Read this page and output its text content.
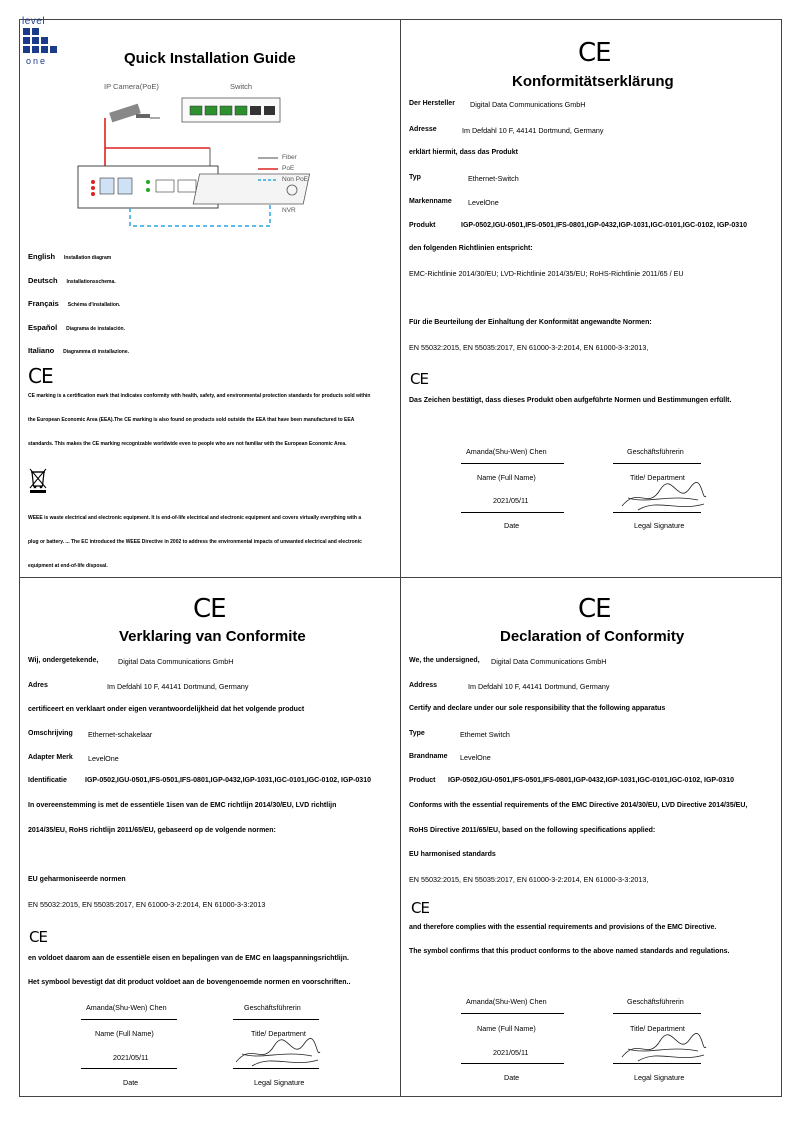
level
one	Quick Installation Guide
IP Camera(PoE)	Switch
Fiber
PoE
Non PoE
NVR
English Installation diagram
Deutsch Installationsschema.
Français Schéma d'installation.
Español Diagrama de instalación.
Italiano Diagramma di installazione.
CE
CE marking is a certification mark that indicates conformity with health, safety, and environmental protection standards for products sold within
the European Economic Area (EEA).The CE marking is also found on products sold outside the EEA that have been manufactured to EEA
standards. This makes the CE marking recognizable worldwide even to people who are not familiar with the European Economic Area.
WEEE is waste electrical and electronic equipment. It is end-of-life electrical and electronic equipment and covers virtually everything with a
plug or battery. ... The EC introduced the WEEE Directive in 2002 to address the environmental impacts of unwanted electrical and electronic
equipment at end-of-life disposal.
CE
Konformitätserklärung
Der Hersteller Digital Data Communications GmbH
Adresse	Im Defdahl 10 F, 44141 Dortmund, Germany
erklärt hiermit, dass das Produkt
Typ	Ethernet-Switch
Markenname LevelOne
Produkt	IGP-0502,IGU-0501,IFS-0501,IFS-0801,IGP-0432,IGP-1031,IGC-0101,IGC-0102, IGP-0310
den folgenden Richtlinien entspricht:
EMC-Richtlinie 2014/30/EU; LVD-Richtlinie 2014/35/EU; RoHS-Richtlinie 2011/65 / EU
Für die Beurteilung der Einhaltung der Konformität angewandte Normen:
EN 55032:2015, EN 55035:2017, EN 61000-3-2:2014, EN 61000-3-3:2013,
CE
Das Zeichen bestätigt, dass dieses Produkt oben aufgeführte Normen und Bestimmungen erfüllt.
Amanda(Shu-Wen) Chen	Geschäftsführerin
Name (Full Name)	Title/ Department
2021/05/11
Date	Legal Signature
CE
Verklaring van Conformite
Wij, ondergetekende,	Digital Data Communications GmbH
Adres	Im Defdahl 10 F, 44141 Dortmund, Germany
certificeert en verklaart onder eigen verantwoordelijkheid dat het volgende product
Omschrijving Ethernet-schakelaar
Adapter Merk LevelOne
Identificatie	IGP-0502,IGU-0501,IFS-0501,IFS-0801,IGP-0432,IGP-1031,IGC-0101,IGC-0102, IGP-0310
In overeenstemming is met de essentiële 1isen van de EMC richtlijn 2014/30/EU, LVD richtlijn
2014/35/EU, RoHS richtlijn 2011/65/EU, gebaseerd op de volgende normen:
EU geharmoniseerde normen
EN 55032:2015, EN 55035:2017, EN 61000-3-2:2014, EN 61000-3-3:2013
CE
en voldoet daarom aan de essentiële eisen en bepalingen van de EMC en laagspanningsrichtlijn.
Het symbool bevestigt dat dit product voldoet aan de bovengenoemde normen en voorschriften..
Amanda(Shu-Wen) Chen	Geschäftsführerin
Name (Full Name)	Title/ Department
2021/05/11
Date	Legal Signature
CE
Declaration of Conformity
We, the undersigned, Digital Data Communications GmbH
Address	Im Defdahl 10 F, 44141 Dortmund, Germany
Certify and declare under our sole responsibility that the following apparatus
Type	Ethemet Switch
Brandname LevelOne
Product IGP-0502,IGU-0501,IFS-0501,IFS-0801,IGP-0432,IGP-1031,IGC-0101,IGC-0102, IGP-0310
Conforms with the essential requirements of the EMC Directive 2014/30/EU, LVD Directive 2014/35/EU,
RoHS Directive 2011/65/EU, based on the following specifications applied:
EU harmonised standards
EN 55032:2015, EN 55035:2017, EN 61000-3-2:2014, EN 61000-3-3:2013,
CE
and therefore complies with the essential requirements and provisions of the EMC Directive.
The symbol confirms that this product conforms to the above named standards and regulations.
Amanda(Shu-Wen) Chen	Geschäftsführerin
Name (Full Name)	Title/ Department
2021/05/11
Date	Legal Signature
